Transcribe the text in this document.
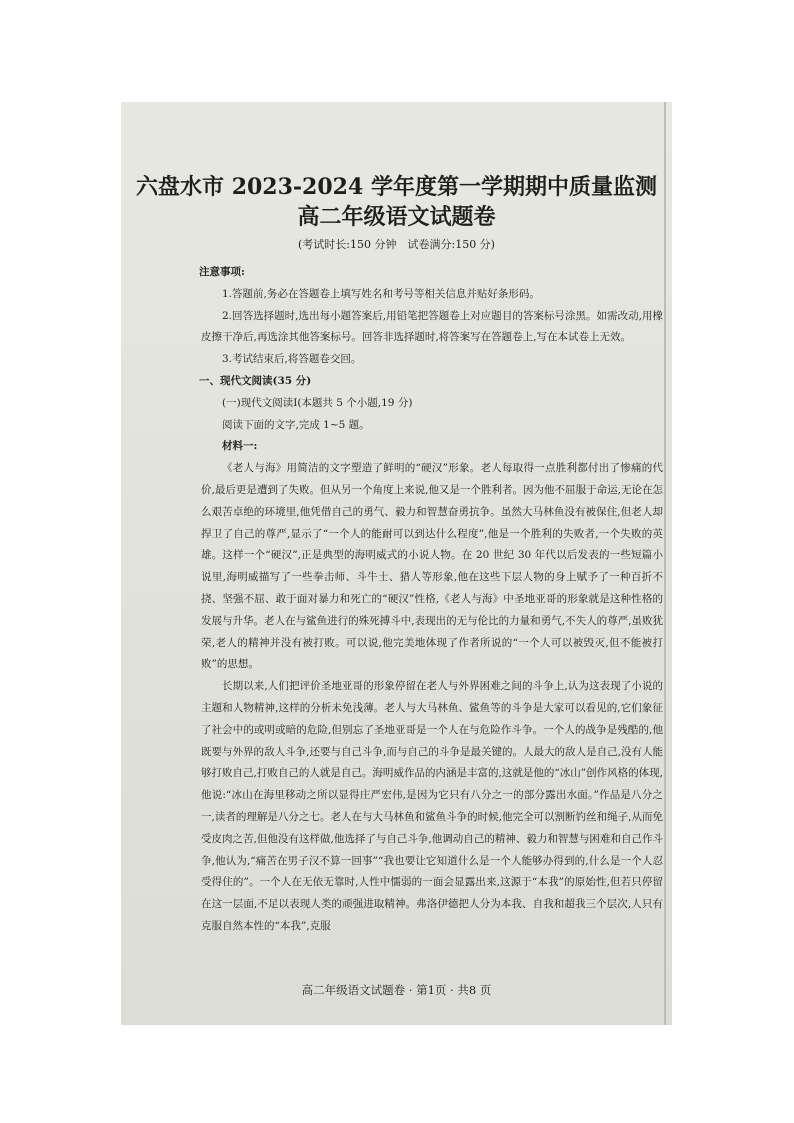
六盘水市 2023-2024 学年度第一学期期中质量监测
高二年级语文试题卷
(考试时长:150 分钟　试卷满分:150 分)

注意事项:

1.答题前,务必在答题卷上填写姓名和考号等相关信息并贴好条形码。

2.回答选择题时,选出每小题答案后,用铅笔把答题卷上对应题目的答案标号涂黑。如需改动,用橡皮擦干净后,再选涂其他答案标号。回答非选择题时,将答案写在答题卷上,写在本试卷上无效。

3.考试结束后,将答题卷交回。

一、现代文阅读(35 分)

(一)现代文阅读I(本题共 5 个小题,19 分)

阅读下面的文字,完成 1~5 题。

材料一:

《老人与海》用简洁的文字塑造了鲜明的“硬汉”形象。老人每取得一点胜利都付出了惨痛的代价,最后更是遭到了失败。但从另一个角度上来说,他又是一个胜利者。因为他不屈服于命运,无论在怎么艰苦卓绝的环境里,他凭借自己的勇气、毅力和智慧奋勇抗争。虽然大马林鱼没有被保住,但老人却捍卫了自己的尊严,显示了“一个人的能耐可以到达什么程度”,他是一个胜利的失败者,一个失败的英雄。这样一个“硬汉”,正是典型的海明威式的小说人物。在 20 世纪 30 年代以后发表的一些短篇小说里,海明威描写了一些拳击师、斗牛士、猎人等形象,他在这些下层人物的身上赋予了一种百折不挠、坚强不屈、敢于面对暴力和死亡的“硬汉”性格,《老人与海》中圣地亚哥的形象就是这种性格的发展与升华。老人在与鲨鱼进行的殊死搏斗中,表现出的无与伦比的力量和勇气,不失人的尊严,虽败犹荣,老人的精神并没有被打败。可以说,他完美地体现了作者所说的“一个人可以被毁灭,但不能被打败”的思想。

长期以来,人们把评价圣地亚哥的形象停留在老人与外界困难之间的斗争上,认为这表现了小说的主题和人物精神,这样的分析未免浅薄。老人与大马林鱼、鲨鱼等的斗争是大家可以看见的,它们象征了社会中的或明或暗的危险,但别忘了圣地亚哥是一个人在与危险作斗争。一个人的战争是残酷的,他既要与外界的敌人斗争,还要与自己斗争,而与自己的斗争是最关键的。人最大的敌人是自己,没有人能够打败自己,打败自己的人就是自己。海明威作品的内涵是丰富的,这就是他的“冰山”创作风格的体现,他说:“冰山在海里移动之所以显得庄严宏伟,是因为它只有八分之一的部分露出水面。”作品是八分之一,读者的理解是八分之七。老人在与大马林鱼和鲨鱼斗争的时候,他完全可以割断钓丝和绳子,从而免受皮肉之苦,但他没有这样做,他选择了与自己斗争,他调动自己的精神、毅力和智慧与困难和自己作斗争,他认为,“痛苦在男子汉不算一回事”“我也要让它知道什么是一个人能够办得到的,什么是一个人忍受得住的”。一个人在无依无靠时,人性中懦弱的一面会显露出来,这源于“本我”的原始性,但若只停留在这一层面,不足以表现人类的顽强进取精神。弗洛伊德把人分为本我、自我和超我三个层次,人只有克服自然本性的“本我”,克服

高二年级语文试题卷 · 第1页 · 共8 页
